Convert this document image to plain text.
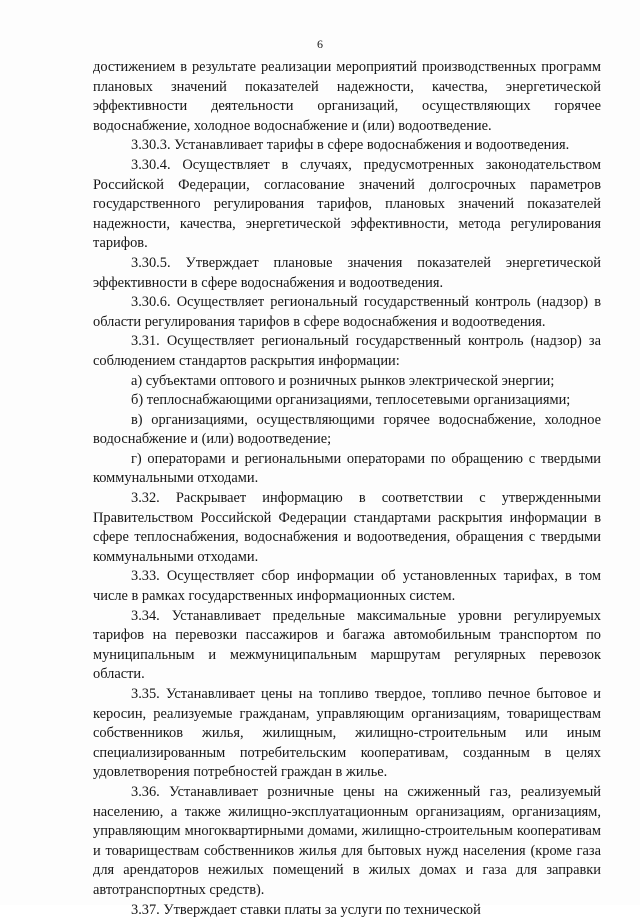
6

достижением в результате реализации мероприятий производственных программ плановых значений показателей надежности, качества, энергетической эффективности деятельности организаций, осуществляющих горячее водоснабжение, холодное водоснабжение и (или) водоотведение.

3.30.3. Устанавливает тарифы в сфере водоснабжения и водоотведения.

3.30.4. Осуществляет в случаях, предусмотренных законодательством Российской Федерации, согласование значений долгосрочных параметров государственного регулирования тарифов, плановых значений показателей надежности, качества, энергетической эффективности, метода регулирования тарифов.

3.30.5. Утверждает плановые значения показателей энергетической эффективности в сфере водоснабжения и водоотведения.

3.30.6. Осуществляет региональный государственный контроль (надзор) в области регулирования тарифов в сфере водоснабжения и водоотведения.

3.31. Осуществляет региональный государственный контроль (надзор) за соблюдением стандартов раскрытия информации:

а) субъектами оптового и розничных рынков электрической энергии;

б) теплоснабжающими организациями, теплосетевыми организациями;

в) организациями, осуществляющими горячее водоснабжение, холодное водоснабжение и (или) водоотведение;

г) операторами и региональными операторами по обращению с твердыми коммунальными отходами.

3.32. Раскрывает информацию в соответствии с утвержденными Правительством Российской Федерации стандартами раскрытия информации в сфере теплоснабжения, водоснабжения и водоотведения, обращения с твердыми коммунальными отходами.

3.33. Осуществляет сбор информации об установленных тарифах, в том числе в рамках государственных информационных систем.

3.34. Устанавливает предельные максимальные уровни регулируемых тарифов на перевозки пассажиров и багажа автомобильным транспортом по муниципальным и межмуниципальным маршрутам регулярных перевозок области.

3.35. Устанавливает цены на топливо твердое, топливо печное бытовое и керосин, реализуемые гражданам, управляющим организациям, товариществам собственников жилья, жилищным, жилищно-строительным или иным специализированным потребительским кооперативам, созданным в целях удовлетворения потребностей граждан в жилье.

3.36. Устанавливает розничные цены на сжиженный газ, реализуемый населению, а также жилищно-эксплуатационным организациям, организациям, управляющим многоквартирными домами, жилищно-строительным кооперативам и товариществам собственников жилья для бытовых нужд населения (кроме газа для арендаторов нежилых помещений в жилых домах и газа для заправки автотранспортных средств).

3.37. Утверждает ставки платы за услуги по технической
